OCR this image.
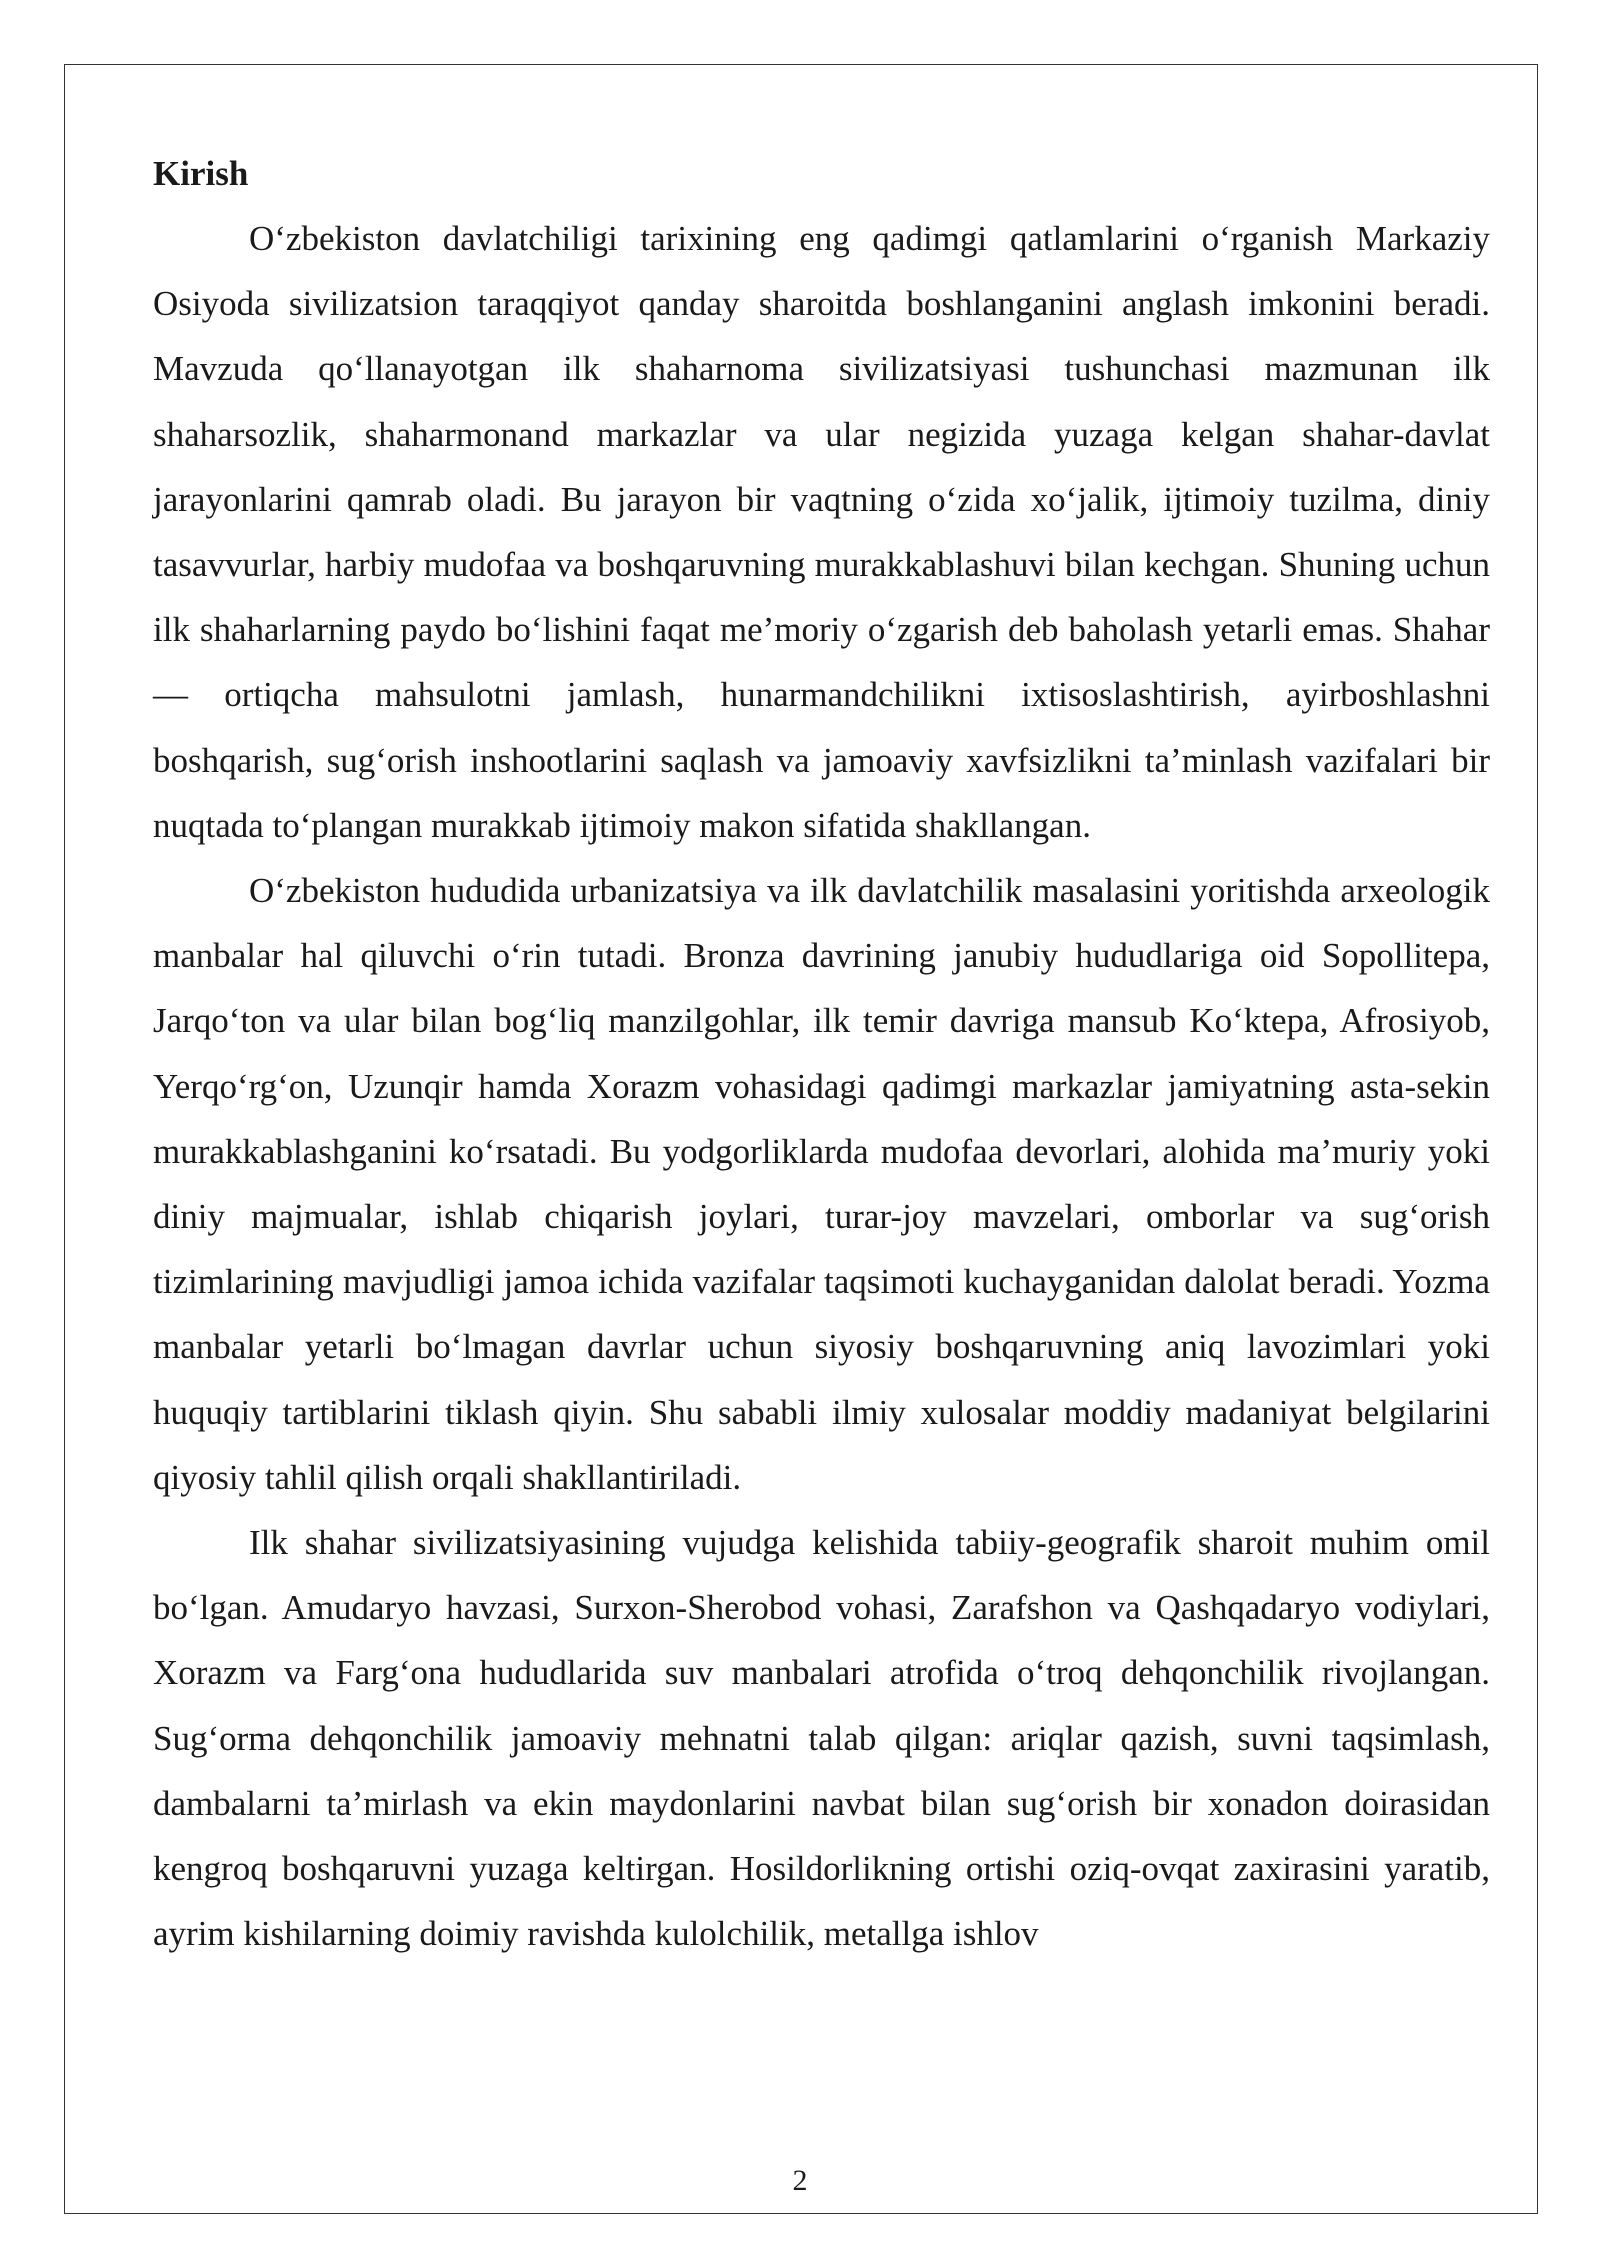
Kirish

O‘zbekiston davlatchiligi tarixining eng qadimgi qatlamlarini o‘rganish Markaziy Osiyoda sivilizatsion taraqqiyot qanday sharoitda boshlanganini anglash imkonini beradi. Mavzuda qo‘llanayotgan ilk shaharnoma sivilizatsiyasi tushunchasi mazmunan ilk shaharsozlik, shaharmonand markazlar va ular negizida yuzaga kelgan shahar-davlat jarayonlarini qamrab oladi. Bu jarayon bir vaqtning o‘zida xo‘jalik, ijtimoiy tuzilma, diniy tasavvurlar, harbiy mudofaa va boshqaruvning murakkablashuvi bilan kechgan. Shuning uchun ilk shaharlarning paydo bo‘lishini faqat me’moriy o‘zgarish deb baholash yetarli emas. Shahar — ortiqcha mahsulotni jamlash, hunarmandchilikni ixtisoslashtirish, ayirboshlashni boshqarish, sug‘orish inshootlarini saqlash va jamoaviy xavfsizlikni ta’minlash vazifalari bir nuqtada to‘plangan murakkab ijtimoiy makon sifatida shakllangan.

O‘zbekiston hududida urbanizatsiya va ilk davlatchilik masalasini yoritishda arxeologik manbalar hal qiluvchi o‘rin tutadi. Bronza davrining janubiy hududlariga oid Sopollitepa, Jarqo‘ton va ular bilan bog‘liq manzilgohlar, ilk temir davriga mansub Ko‘ktepa, Afrosiyob, Yerqo‘rg‘on, Uzunqir hamda Xorazm vohasidagi qadimgi markazlar jamiyatning asta-sekin murakkablashganini ko‘rsatadi. Bu yodgorliklarda mudofaa devorlari, alohida ma’muriy yoki diniy majmualar, ishlab chiqarish joylari, turar-joy mavzelari, omborlar va sug‘orish tizimlarining mavjudligi jamoa ichida vazifalar taqsimoti kuchayganidan dalolat beradi. Yozma manbalar yetarli bo‘lmagan davrlar uchun siyosiy boshqaruvning aniq lavozimlari yoki huquqiy tartiblarini tiklash qiyin. Shu sababli ilmiy xulosalar moddiy madaniyat belgilarini qiyosiy tahlil qilish orqali shakllantiriladi.

Ilk shahar sivilizatsiyasining vujudga kelishida tabiiy-geografik sharoit muhim omil bo‘lgan. Amudaryo havzasi, Surxon-Sherobod vohasi, Zarafshon va Qashqadaryo vodiylari, Xorazm va Farg‘ona hududlarida suv manbalari atrofida o‘troq dehqonchilik rivojlangan. Sug‘orma dehqonchilik jamoaviy mehnatni talab qilgan: ariqlar qazish, suvni taqsimlash, dambalarni ta’mirlash va ekin maydonlarini navbat bilan sug‘orish bir xonadon doirasidan kengroq boshqaruvni yuzaga keltirgan. Hosildorlikning ortishi oziq-ovqat zaxirasini yaratib, ayrim kishilarning doimiy ravishda kulolchilik, metallga ishlov

2
